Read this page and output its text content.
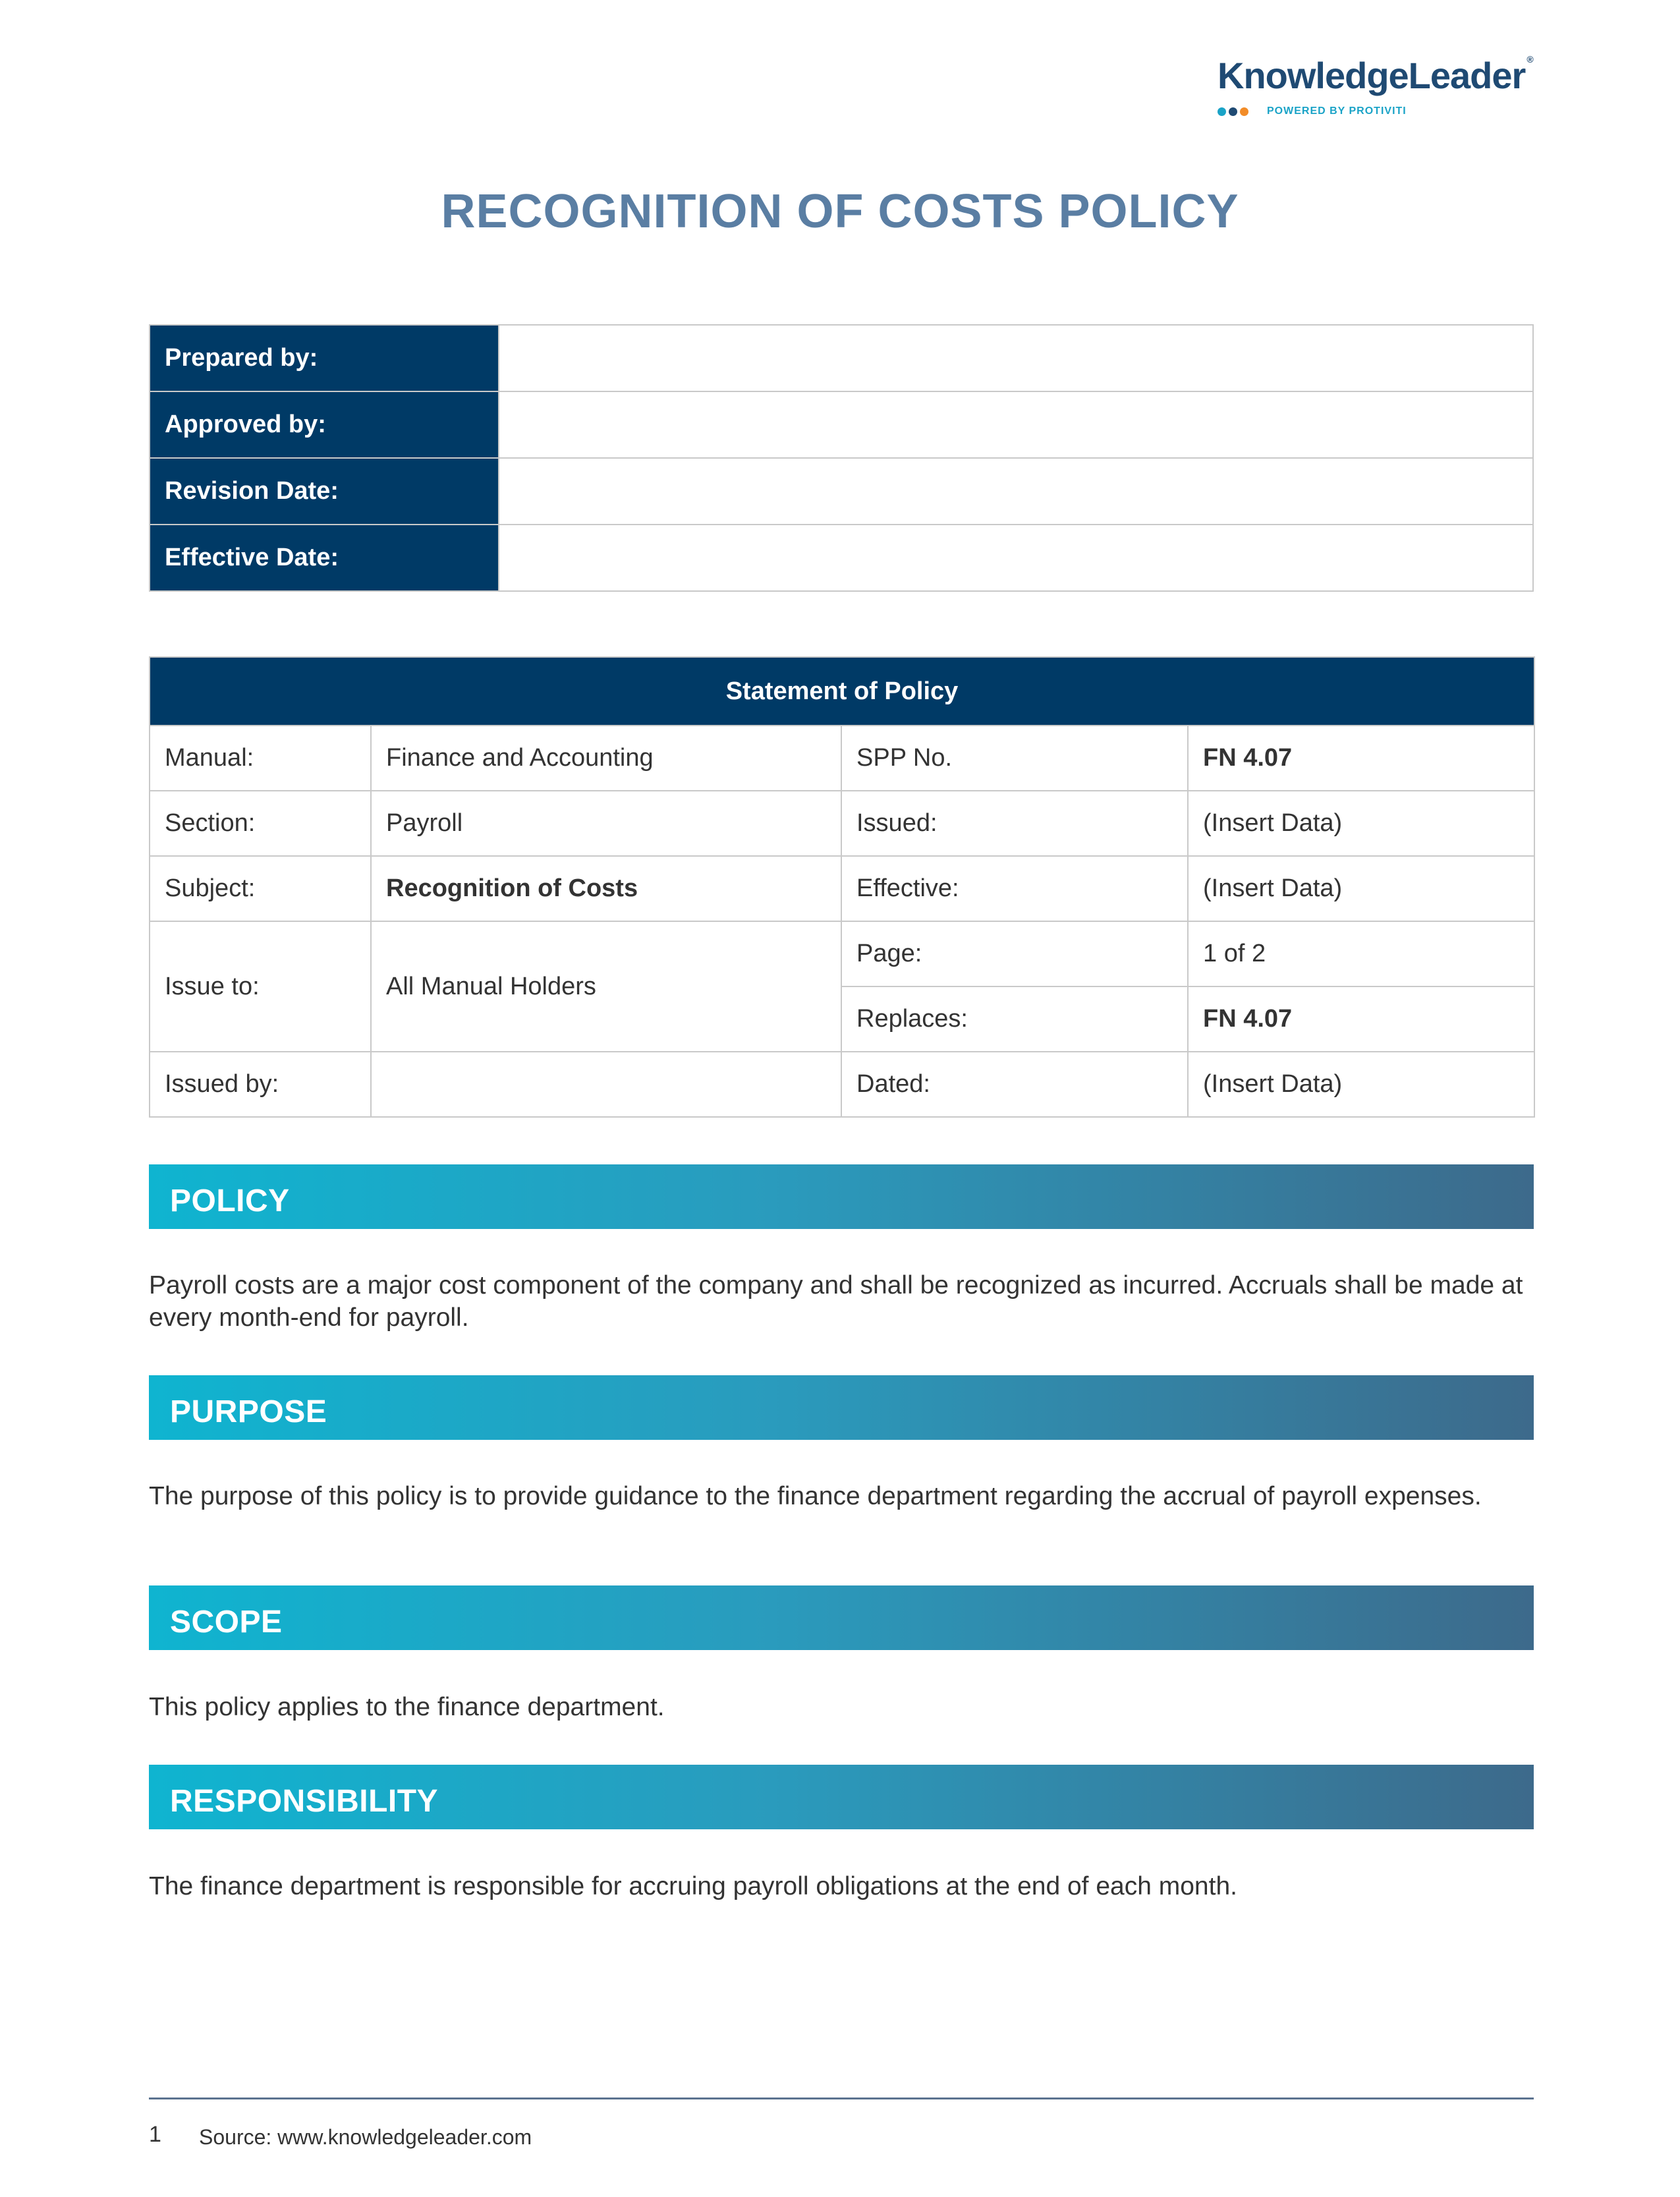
KnowledgeLeader ®
POWERED BY PROTIVITI
RECOGNITION OF COSTS POLICY
Prepared by:	
Approved by:	
Revision Date:	
Effective Date:	
Statement of Policy			
Manual:	Finance and Accounting	SPP No.	FN 4.07
Section:	Payroll	Issued:	(Insert Data)
Subject:	Recognition of Costs	Effective:	(Insert Data)
Issue to:	All Manual Holders	Page:	1 of 2
		Replaces:	FN 4.07
Issued by:		Dated:	(Insert Data)
POLICY
Payroll costs are a major cost component of the company and shall be recognized as incurred. Accruals shall be made at every month-end for payroll.
PURPOSE
The purpose of this policy is to provide guidance to the finance department regarding the accrual of payroll expenses.
SCOPE
This policy applies to the finance department.
RESPONSIBILITY
The finance department is responsible for accruing payroll obligations at the end of each month.
1 Source: www.knowledgeleader.com
